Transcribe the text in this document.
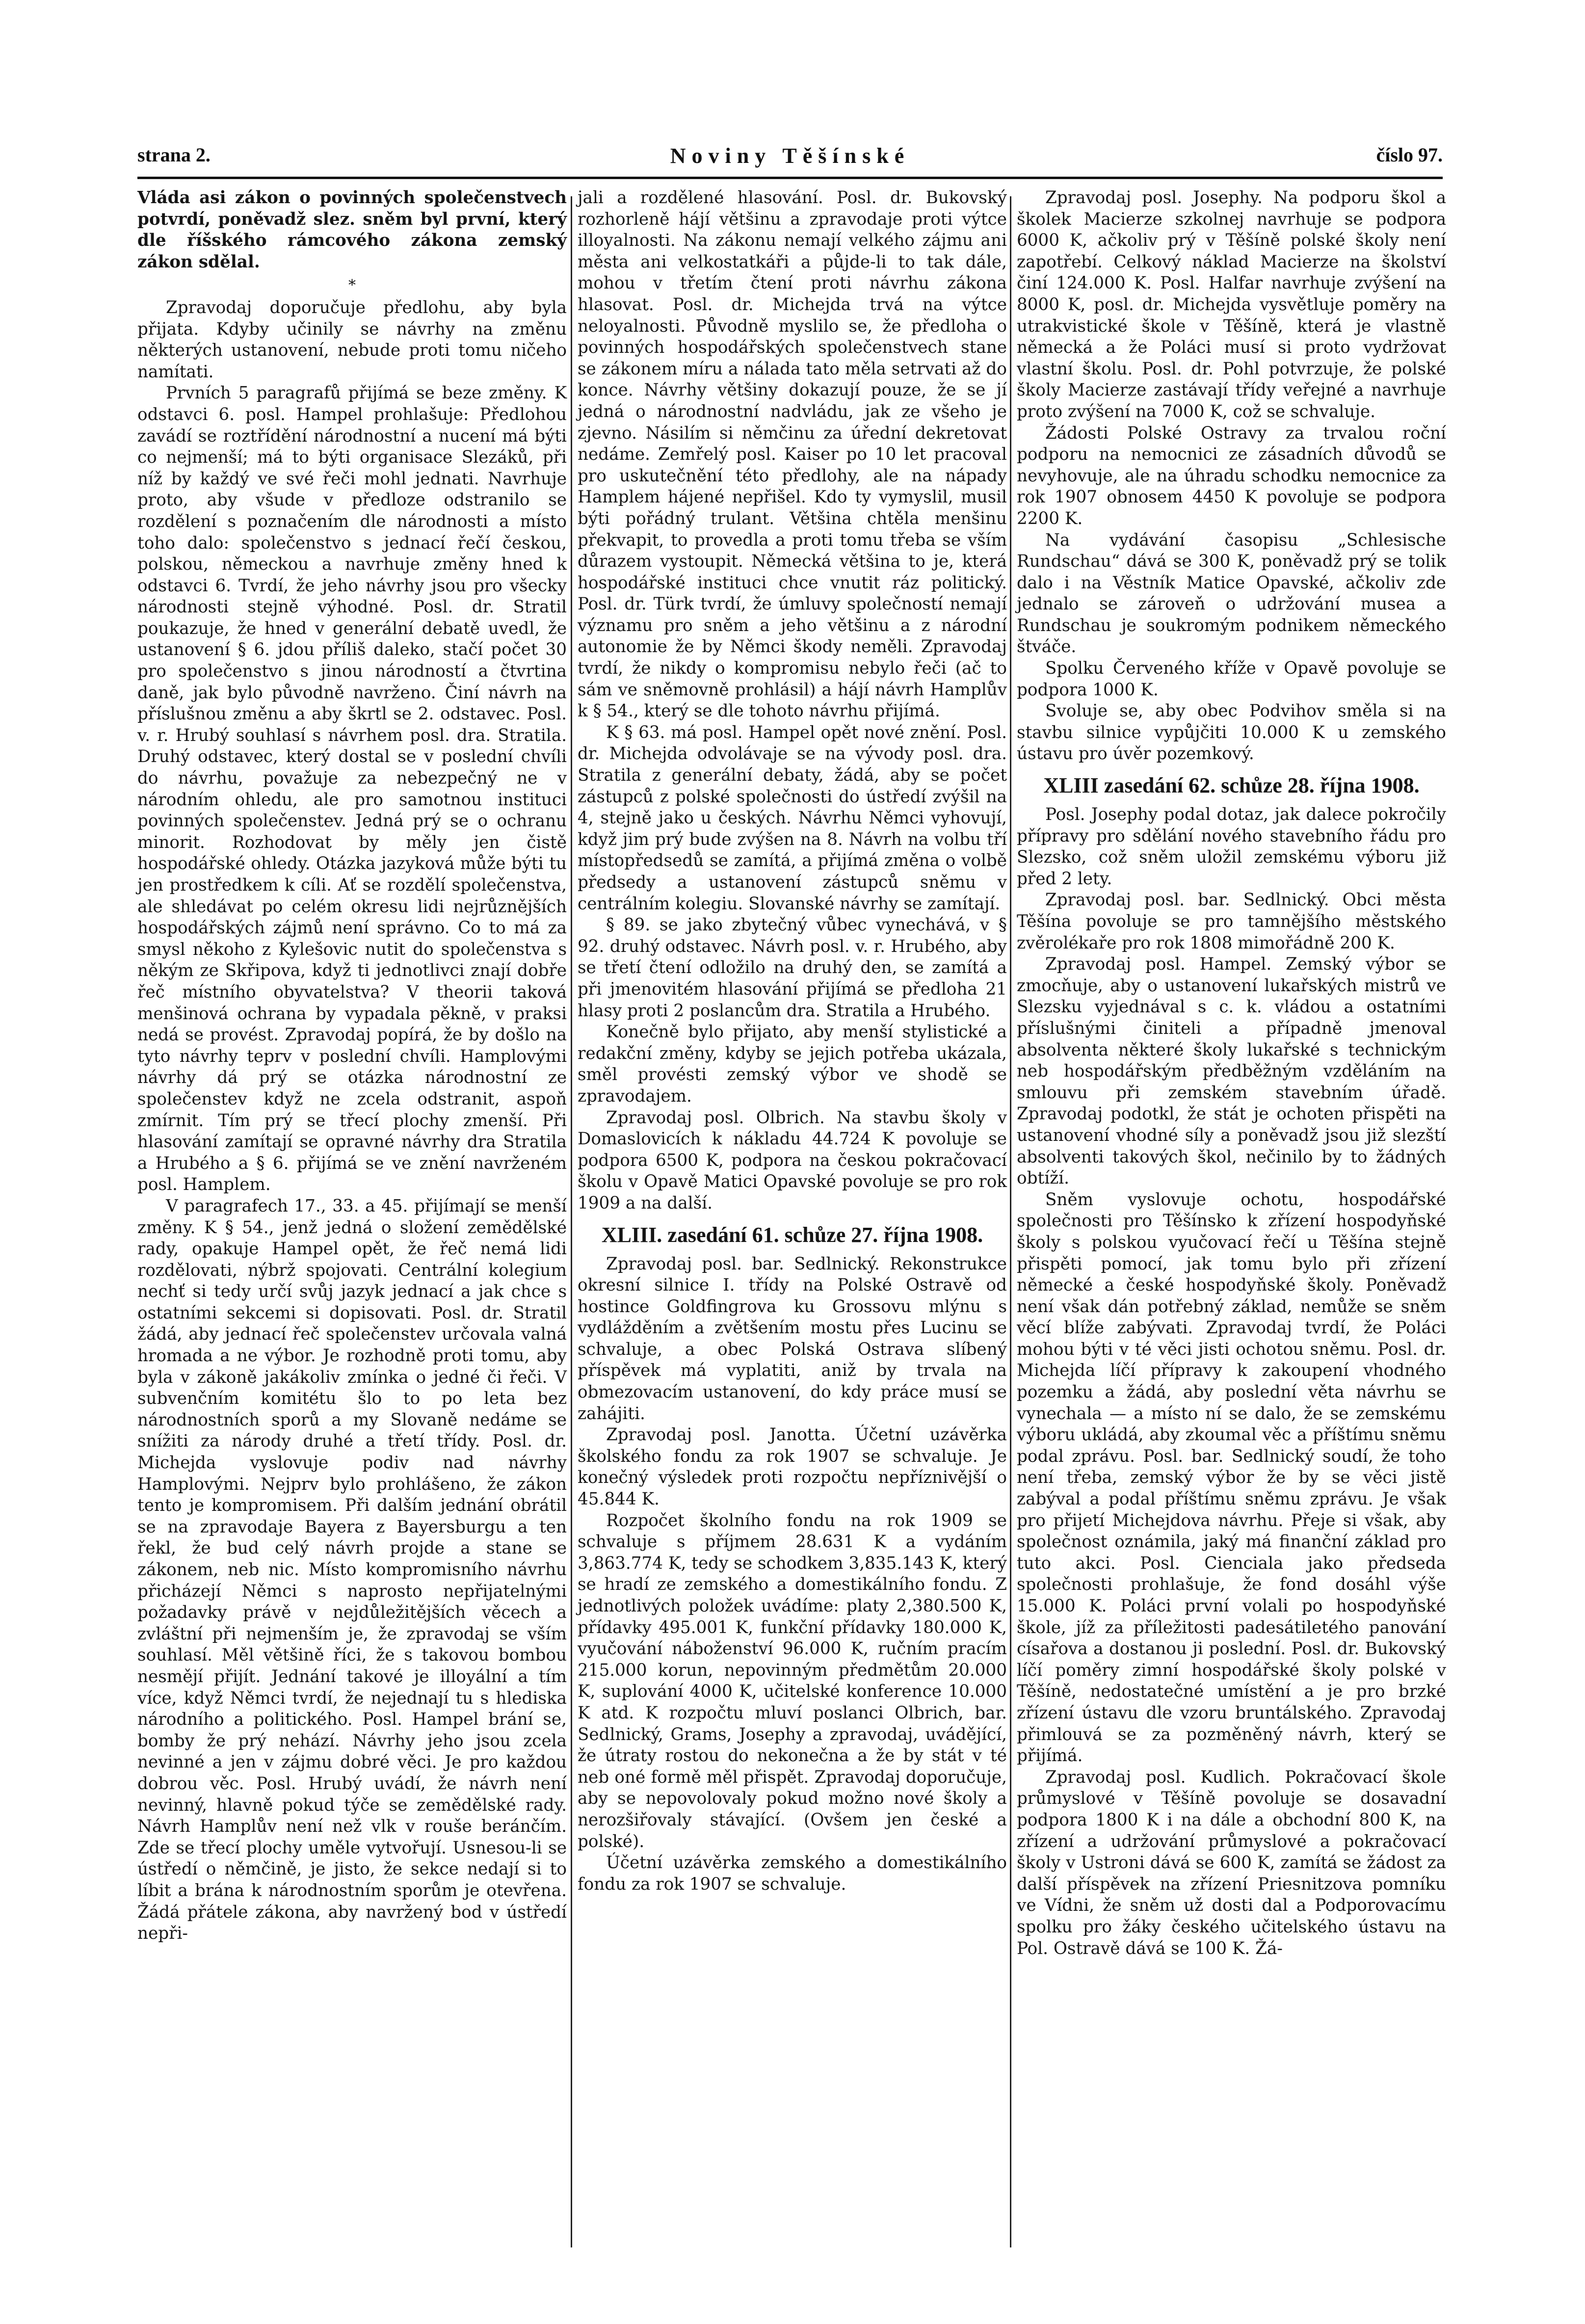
strana 2.	Noviny Těšínské	číslo 97.

Vláda asi zákon o povinných společenstvech potvrdí, poněvadž slez. sněm byl první, který dle říšského rámcového zákona zemský zákon sdělal.

*

Zpravodaj doporučuje předlohu, aby byla přijata. Kdyby učinily se návrhy na změnu některých ustanovení, nebude proti tomu ničeho namítati.

Prvních 5 paragrafů přijímá se beze změny. K odstavci 6. posl. Hampel prohlašuje: Předlohou zavádí se roztřídění národnostní a nucení má býti co nejmenší; má to býti organisace Slezáků, při níž by každý ve své řeči mohl jednati. Navrhuje proto, aby všude v předloze odstranilo se rozdělení s poznačením dle národnosti a místo toho dalo: společenstvo s jednací řečí českou, polskou, německou a navrhuje změny hned k odstavci 6. Tvrdí, že jeho návrhy jsou pro všecky národnosti stejně výhodné. Posl. dr. Stratil poukazuje, že hned v generální debatě uvedl, že ustanovení § 6. jdou příliš daleko, stačí počet 30 pro společenstvo s jinou národností a čtvrtina daně, jak bylo původně navrženo. Činí návrh na příslušnou změnu a aby škrtl se 2. odstavec. Posl. v. r. Hrubý souhlasí s návrhem posl. dra. Stratila. Druhý odstavec, který dostal se v poslední chvíli do návrhu, považuje za nebezpečný ne v národním ohledu, ale pro samotnou instituci povinných společenstev. Jedná prý se o ochranu minorit. Rozhodovat by měly jen čistě hospodářské ohledy. Otázka jazyková může býti tu jen prostředkem k cíli. Ať se rozdělí společenstva, ale shledávat po celém okresu lidi nejrůznějších hospodářských zájmů není správno. Co to má za smysl někoho z Kylešovic nutit do společenstva s někým ze Skřipova, když ti jednotlivci znají dobře řeč místního obyvatelstva? V theorii taková menšinová ochrana by vypadala pěkně, v praksi nedá se provést. Zpravodaj popírá, že by došlo na tyto návrhy teprv v poslední chvíli. Hamplovými návrhy dá prý se otázka národnostní ze společenstev když ne zcela odstranit, aspoň zmírnit. Tím prý se třecí plochy zmenší. Při hlasování zamítají se opravné návrhy dra Stratila a Hrubého a § 6. přijímá se ve znění navrženém posl. Hamplem.

V paragrafech 17., 33. a 45. přijímají se menší změny. K § 54., jenž jedná o složení zemědělské rady, opakuje Hampel opět, že řeč nemá lidi rozdělovati, nýbrž spojovati. Centrální kolegium nechť si tedy určí svůj jazyk jednací a jak chce s ostatními sekcemi si dopisovati. Posl. dr. Stratil žádá, aby jednací řeč společenstev určovala valná hromada a ne výbor. Je rozhodně proti tomu, aby byla v zákoně jakákoliv zmínka o jedné či řeči. V subvenčním komitétu šlo to po leta bez národnostních sporů a my Slovaně nedáme se snížiti za národy druhé a třetí třídy. Posl. dr. Michejda vyslovuje podiv nad návrhy Hamplovými. Nejprv bylo prohlášeno, že zákon tento je kompromisem. Při dalším jednání obrátil se na zpravodaje Bayera z Bayersburgu a ten řekl, že bud celý návrh projde a stane se zákonem, neb nic. Místo kompromisního návrhu přicházejí Němci s naprosto nepřijatelnými požadavky právě v nejdůležitějších věcech a zvláštní při nejmenším je, že zpravodaj se vším souhlasí. Měl většině říci, že s takovou bombou nesmějí přijít. Jednání takové je illoyální a tím více, když Němci tvrdí, že nejednají tu s hlediska národního a politického. Posl. Hampel brání se, bomby že prý nehází. Návrhy jeho jsou zcela nevinné a jen v zájmu dobré věci. Je pro každou dobrou věc. Posl. Hrubý uvádí, že návrh není nevinný, hlavně pokud týče se zemědělské rady. Návrh Hamplův není než vlk v rouše beránčím. Zde se třecí plochy uměle vytvořují. Usnesou-li se ústředí o němčině, je jisto, že sekce nedají si to líbit a brána k národnostním sporům je otevřena. Žádá přátele zákona, aby navržený bod v ústředí nepři-

jali a rozdělené hlasování. Posl. dr. Bukovský rozhorleně hájí většinu a zpravodaje proti výtce illoyalnosti. Na zákonu nemají velkého zájmu ani města ani velkostatkáři a půjde-li to tak dále, mohou v třetím čtení proti návrhu zákona hlasovat. Posl. dr. Michejda trvá na výtce neloyalnosti. Původně myslilo se, že předloha o povinných hospodářských společenstvech stane se zákonem míru a nálada tato měla setrvati až do konce. Návrhy většiny dokazují pouze, že se jí jedná o národnostní nadvládu, jak ze všeho je zjevno. Násilím si němčinu za úřední dekretovat nedáme. Zemřelý posl. Kaiser po 10 let pracoval pro uskutečnění této předlohy, ale na nápady Hamplem hájené nepřišel. Kdo ty vymyslil, musil býti pořádný trulant. Většina chtěla menšinu překvapit, to provedla a proti tomu třeba se vším důrazem vystoupit. Německá většina to je, která hospodářské instituci chce vnutit ráz politický. Posl. dr. Türk tvrdí, že úmluvy společností nemají významu pro sněm a jeho většinu a z národní autonomie že by Němci škody neměli. Zpravodaj tvrdí, že nikdy o kompromisu nebylo řeči (ač to sám ve sněmovně prohlásil) a hájí návrh Hamplův k § 54., který se dle tohoto návrhu přijímá.

K § 63. má posl. Hampel opět nové znění. Posl. dr. Michejda odvolávaje se na vývody posl. dra. Stratila z generální debaty, žádá, aby se počet zástupců z polské společnosti do ústředí zvýšil na 4, stejně jako u českých. Návrhu Němci vyhovují, když jim prý bude zvýšen na 8. Návrh na volbu tří místopředsedů se zamítá, a přijímá změna o volbě předsedy a ustanovení zástupců sněmu v centrálním kolegiu. Slovanské návrhy se zamítají.

§ 89. se jako zbytečný vůbec vynechává, v § 92. druhý odstavec. Návrh posl. v. r. Hrubého, aby se třetí čtení odložilo na druhý den, se zamítá a při jmenovitém hlasování přijímá se předloha 21 hlasy proti 2 poslancům dra. Stratila a Hrubého.

Konečně bylo přijato, aby menší stylistické a redakční změny, kdyby se jejich potřeba ukázala, směl provésti zemský výbor ve shodě se zpravodajem.

Zpravodaj posl. Olbrich. Na stavbu školy v Domaslovicích k nákladu 44.724 K povoluje se podpora 6500 K, podpora na českou pokračovací školu v Opavě Matici Opavské povoluje se pro rok 1909 a na další.

XLIII. zasedání 61. schůze 27. října 1908.

Zpravodaj posl. bar. Sedlnický. Rekonstrukce okresní silnice I. třídy na Polské Ostravě od hostince Goldfingrova ku Grossovu mlýnu s vydlážděním a zvětšením mostu přes Lucinu se schvaluje, a obec Polská Ostrava slíbený příspěvek má vyplatiti, aniž by trvala na obmezovacím ustanovení, do kdy práce musí se zahájiti.

Zpravodaj posl. Janotta. Účetní uzávěrka školského fondu za rok 1907 se schvaluje. Je konečný výsledek proti rozpočtu nepříznivější o 45.844 K.

Rozpočet školního fondu na rok 1909 se schvaluje s příjmem 28.631 K a vydáním 3,863.774 K, tedy se schodkem 3,835.143 K, který se hradí ze zemského a domestikálního fondu. Z jednotlivých položek uvádíme: platy 2,380.500 K, přídavky 495.001 K, funkční přídavky 180.000 K, vyučování náboženství 96.000 K, ručním pracím 215.000 korun, nepovinným předmětům 20.000 K, suplování 4000 K, učitelské konference 10.000 K atd. K rozpočtu mluví poslanci Olbrich, bar. Sedlnický, Grams, Josephy a zpravodaj, uvádějící, že útraty rostou do nekonečna a že by stát v té neb oné formě měl přispět. Zpravodaj doporučuje, aby se nepovolovaly pokud možno nové školy a nerozšiřovaly stávající. (Ovšem jen české a polské).

Účetní uzávěrka zemského a domestikálního fondu za rok 1907 se schvaluje.

Zpravodaj posl. Josephy. Na podporu škol a školek Macierze szkolnej navrhuje se podpora 6000 K, ačkoliv prý v Těšíně polské školy není zapotřebí. Celkový náklad Macierze na školství činí 124.000 K. Posl. Halfar navrhuje zvýšení na 8000 K, posl. dr. Michejda vysvětluje poměry na utrakvistické škole v Těšíně, která je vlastně německá a že Poláci musí si proto vydržovat vlastní školu. Posl. dr. Pohl potvrzuje, že polské školy Macierze zastávají třídy veřejné a navrhuje proto zvýšení na 7000 K, což se schvaluje.

Žádosti Polské Ostravy za trvalou roční podporu na nemocnici ze zásadních důvodů se nevyhovuje, ale na úhradu schodku nemocnice za rok 1907 obnosem 4450 K povoluje se podpora 2200 K.

Na vydávání časopisu „Schlesische Rundschau“ dává se 300 K, poněvadž prý se tolik dalo i na Věstník Matice Opavské, ačkoliv zde jednalo se zároveň o udržování musea a Rundschau je soukromým podnikem německého štváče.

Spolku Červeného kříže v Opavě povoluje se podpora 1000 K.

Svoluje se, aby obec Podvihov směla si na stavbu silnice vypůjčiti 10.000 K u zemského ústavu pro úvěr pozemkový.

XLIII zasedání 62. schůze 28. října 1908.

Posl. Josephy podal dotaz, jak dalece pokročily přípravy pro sdělání nového stavebního řádu pro Slezsko, což sněm uložil zemskému výboru již před 2 lety.

Zpravodaj posl. bar. Sedlnický. Obci města Těšína povoluje se pro tamnějšího městského zvěrolékaře pro rok 1808 mimořádně 200 K.

Zpravodaj posl. Hampel. Zemský výbor se zmocňuje, aby o ustanovení lukařských mistrů ve Slezsku vyjednával s c. k. vládou a ostatními příslušnými činiteli a případně jmenoval absolventa některé školy lukařské s technickým neb hospodářským předběžným vzděláním na smlouvu při zemském stavebním úřadě. Zpravodaj podotkl, že stát je ochoten přispěti na ustanovení vhodné síly a poněvadž jsou již slezští absolventi takových škol, nečinilo by to žádných obtíží.

Sněm vyslovuje ochotu, hospodářské společnosti pro Těšínsko k zřízení hospodyňské školy s polskou vyučovací řečí u Těšína stejně přispěti pomocí, jak tomu bylo při zřízení německé a české hospodyňské školy. Poněvadž není však dán potřebný základ, nemůže se sněm věcí blíže zabývati. Zpravodaj tvrdí, že Poláci mohou býti v té věci jisti ochotou sněmu. Posl. dr. Michejda líčí přípravy k zakoupení vhodného pozemku a žádá, aby poslední věta návrhu se vynechala — a místo ní se dalo, že se zemskému výboru ukládá, aby zkoumal věc a příštímu sněmu podal zprávu. Posl. bar. Sedlnický soudí, že toho není třeba, zemský výbor že by se věci jistě zabýval a podal příštímu sněmu zprávu. Je však pro přijetí Michejdova návrhu. Přeje si však, aby společnost oznámila, jaký má finanční základ pro tuto akci. Posl. Cienciala jako předseda společnosti prohlašuje, že fond dosáhl výše 15.000 K. Poláci první volali po hospodyňské škole, jíž za příležitosti padesátiletého panování císařova a dostanou ji poslední. Posl. dr. Bukovský líčí poměry zimní hospodářské školy polské v Těšíně, nedostatečné umístění a je pro brzké zřízení ústavu dle vzoru bruntálského. Zpravodaj přimlouvá se za pozměněný návrh, který se přijímá.

Zpravodaj posl. Kudlich. Pokračovací škole průmyslové v Těšíně povoluje se dosavadní podpora 1800 K i na dále a obchodní 800 K, na zřízení a udržování průmyslové a pokračovací školy v Ustroni dává se 600 K, zamítá se žádost za další příspěvek na zřízení Priesnitzova pomníku ve Vídni, že sněm už dosti dal a Podporovacímu spolku pro žáky českého učitelského ústavu na Pol. Ostravě dává se 100 K. Žá-
